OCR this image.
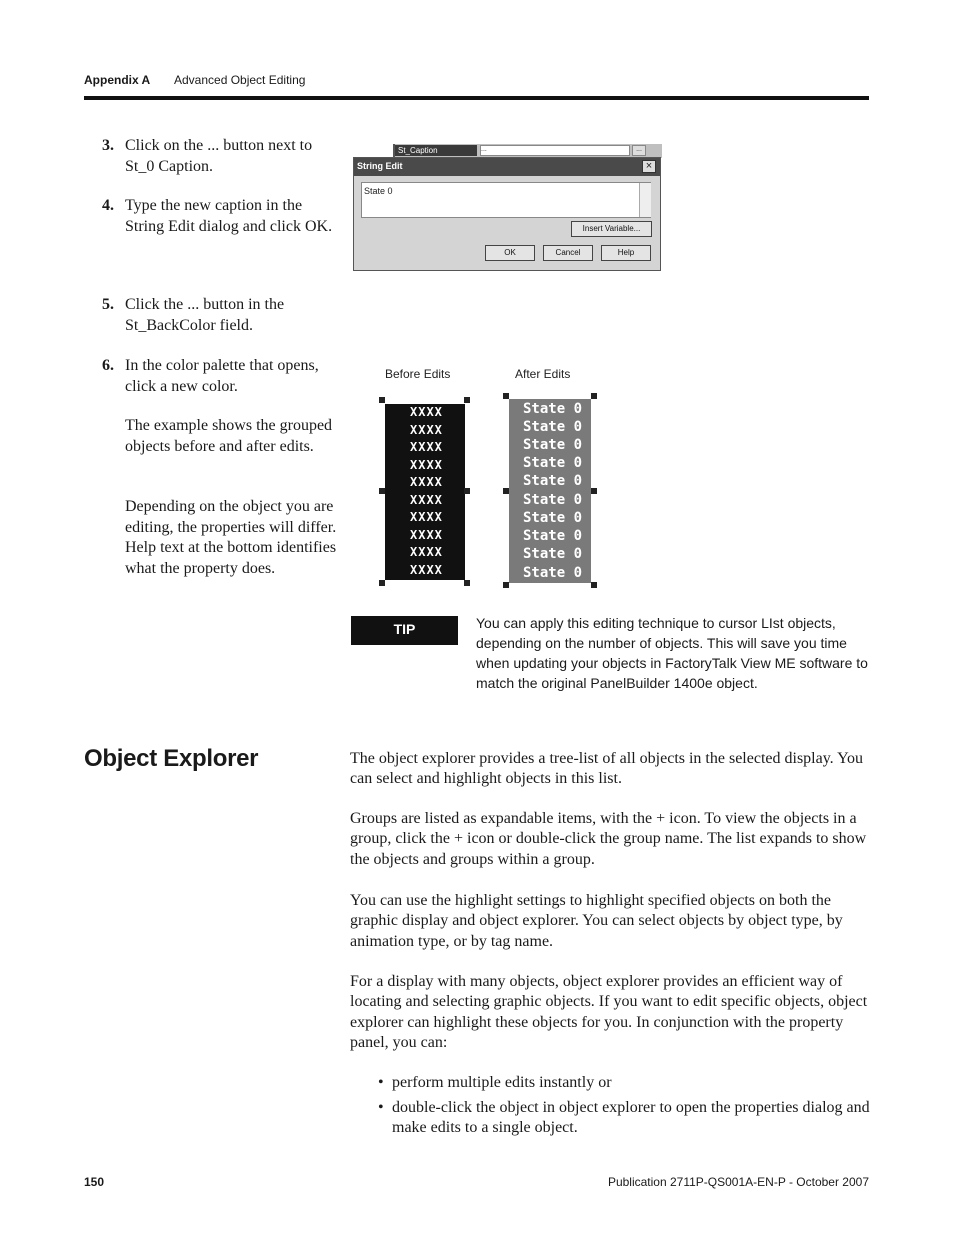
Appendix A Advanced Object Editing
3. Click on the ... button next to St_0 Caption.
4. Type the new caption in the String Edit dialog and click OK.
5. Click the ... button in the St_BackColor field.
6. In the color palette that opens, click a new color.
The example shows the grouped objects before and after edits.
Depending on the object you are editing, the properties will differ. Help text at the bottom identifies what the property does.
St_Caption	...	...
String Edit	×
State 0
Insert Variable...
OK	Cancel	Help
Before Edits	After Edits
XXXX
XXXX
XXXX
XXXX
XXXX
XXXX
XXXX
XXXX
XXXX
XXXX
State 0
State 0
State 0
State 0
State 0
State 0
State 0
State 0
State 0
State 0
TIP	You can apply this editing technique to cursor LIst objects, depending on the number of objects. This will save you time when updating your objects in FactoryTalk View ME software to match the original PanelBuilder 1400e object.
Object Explorer	The object explorer provides a tree-list of all objects in the selected display. You can select and highlight objects in this list.
Groups are listed as expandable items, with the + icon. To view the objects in a group, click the + icon or double-click the group name. The list expands to show the objects and groups within a group.
You can use the highlight settings to highlight specified objects on both the graphic display and object explorer. You can select objects by object type, by animation type, or by tag name.
For a display with many objects, object explorer provides an efficient way of locating and selecting graphic objects. If you want to edit specific objects, object explorer can highlight these objects for you. In conjunction with the property panel, you can:
• perform multiple edits instantly or
• double-click the object in object explorer to open the properties dialog and make edits to a single object.
150	Publication 2711P-QS001A-EN-P - October 2007
